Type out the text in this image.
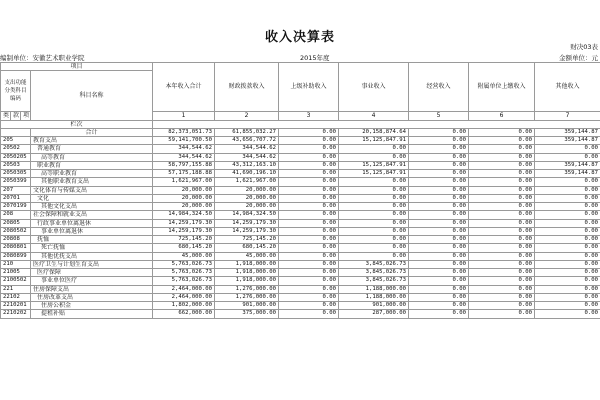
收入决算表
财决03表
编制单位：安徽艺术职业学院	2015年度	金额单位：元
项目				本年收入合计	财政拨款收入	上级补助收入	事业收入	经营收入	附属单位上缴收入	其他收入
支出功能分类科目编码			科目名称							
类	款	项		1	2	3	4	5	6	7
栏次										
			合计	82,373,051.73	61,855,032.27	0.00	20,158,874.64	0.00	0.00	359,144.87
205			教育支出	59,141,700.50	43,656,707.72	0.00	15,125,847.91	0.00	0.00	359,144.87
20502			普通教育	344,544.62	344,544.62	0.00	0.00	0.00	0.00	0.00
2050205			高等教育	344,544.62	344,544.62	0.00	0.00	0.00	0.00	0.00
20503			职业教育	58,797,155.88	43,312,163.10	0.00	15,125,847.91	0.00	0.00	359,144.87
2050305			高等职业教育	57,175,188.88	41,690,196.10	0.00	15,125,847.91	0.00	0.00	359,144.87
2050399			其他职业教育支出	1,621,967.00	1,621,967.00	0.00	0.00	0.00	0.00	0.00
207			文化体育与传媒支出	20,000.00	20,000.00	0.00	0.00	0.00	0.00	0.00
20701			文化	20,000.00	20,000.00	0.00	0.00	0.00	0.00	0.00
2070199			其他文化支出	20,000.00	20,000.00	0.00	0.00	0.00	0.00	0.00
208			社会保障和就业支出	14,984,324.50	14,984,324.50	0.00	0.00	0.00	0.00	0.00
20805			行政事业单位离退休	14,259,179.30	14,259,179.30	0.00	0.00	0.00	0.00	0.00
2080502			事业单位离退休	14,259,179.30	14,259,179.30	0.00	0.00	0.00	0.00	0.00
20808			抚恤	725,145.20	725,145.20	0.00	0.00	0.00	0.00	0.00
2080801			死亡抚恤	680,145.20	680,145.20	0.00	0.00	0.00	0.00	0.00
2080899			其他优抚支出	45,000.00	45,000.00	0.00	0.00	0.00	0.00	0.00
210			医疗卫生与计划生育支出	5,763,026.73	1,918,000.00	0.00	3,845,026.73	0.00	0.00	0.00
21005			医疗保障	5,763,026.73	1,918,000.00	0.00	3,845,026.73	0.00	0.00	0.00
2100502			事业单位医疗	5,763,026.73	1,918,000.00	0.00	3,845,026.73	0.00	0.00	0.00
221			住房保障支出	2,464,000.00	1,276,000.00	0.00	1,188,000.00	0.00	0.00	0.00
22102			住房改革支出	2,464,000.00	1,276,000.00	0.00	1,188,000.00	0.00	0.00	0.00
2210201			住房公积金	1,802,000.00	901,000.00	0.00	901,000.00	0.00	0.00	0.00
2210202			提租补贴	662,000.00	375,000.00	0.00	287,000.00	0.00	0.00	0.00
